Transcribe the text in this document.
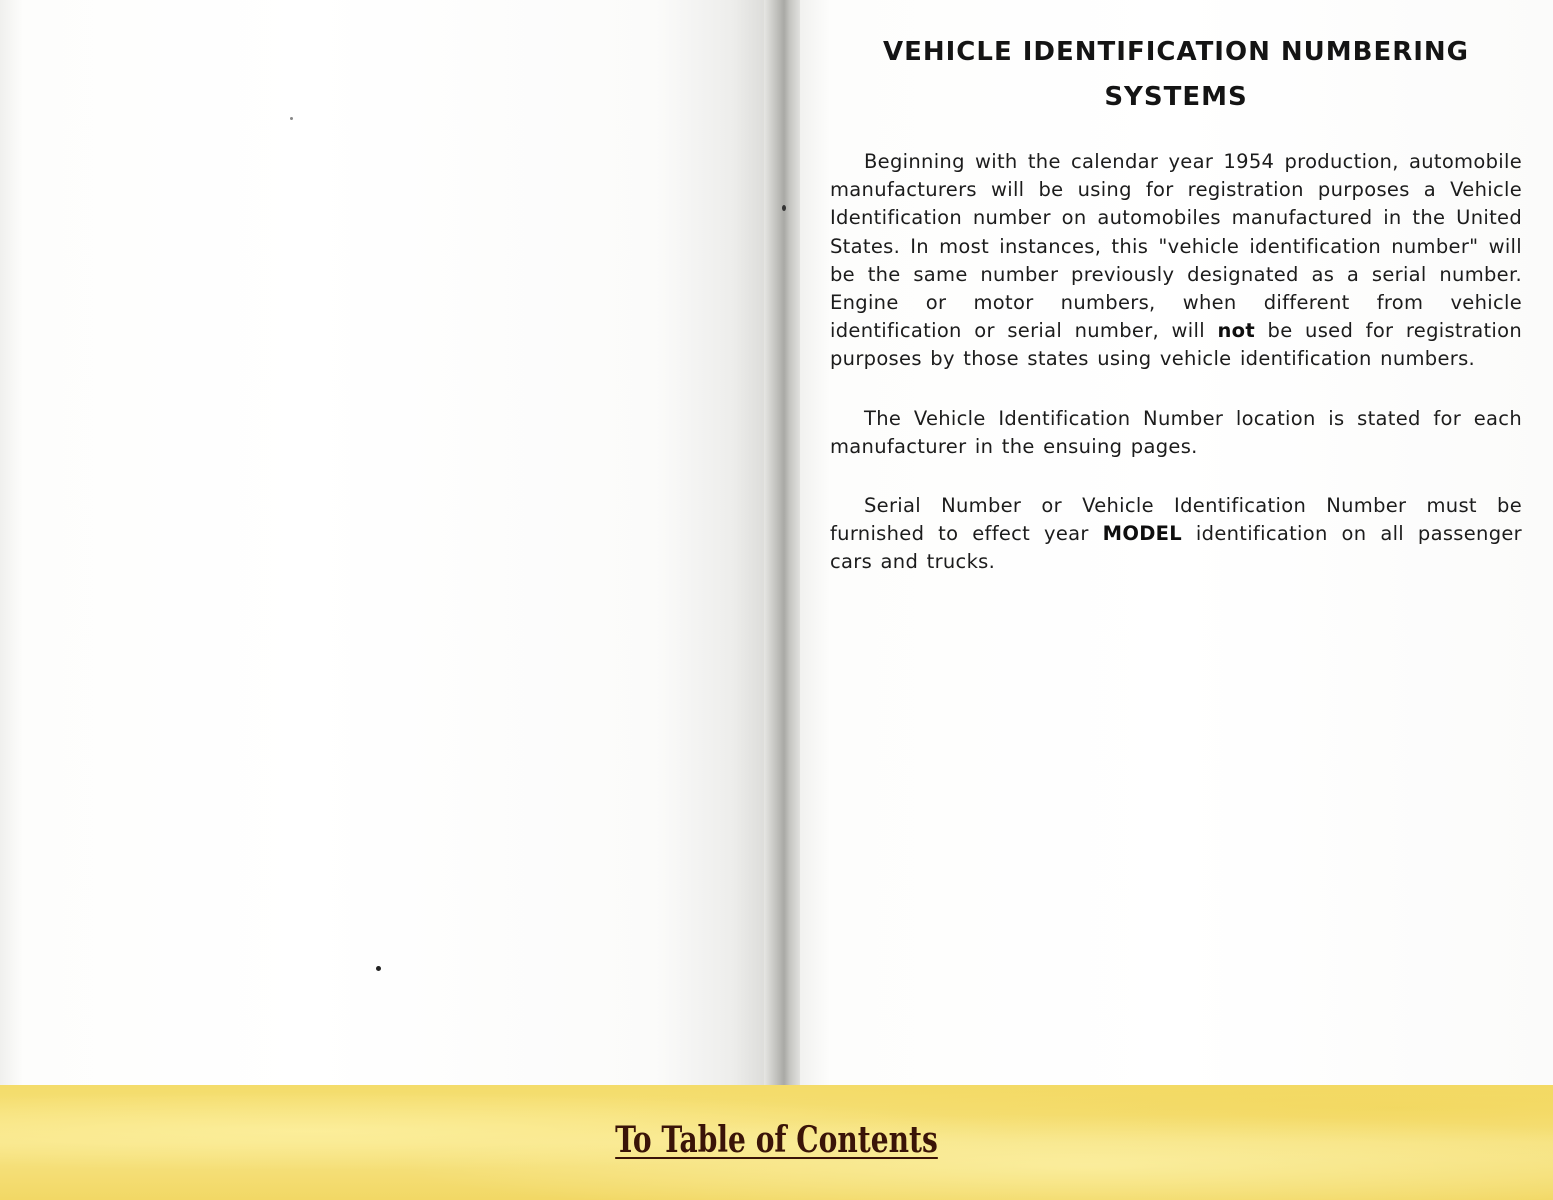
VEHICLE IDENTIFICATION NUMBERING
SYSTEMS

Beginning with the calendar year 1954 production, automobile manufacturers will be using for registration purposes a Vehicle Identification number on automobiles manufactured in the United States. In most instances, this "vehicle identification number" will be the same number previously designated as a serial number. Engine or motor numbers, when different from vehicle identification or serial number, will not be used for registration purposes by those states using vehicle identification numbers.

The Vehicle Identification Number location is stated for each manufacturer in the ensuing pages.

Serial Number or Vehicle Identification Number must be furnished to effect year MODEL identification on all passenger cars and trucks.

To Table of Contents
